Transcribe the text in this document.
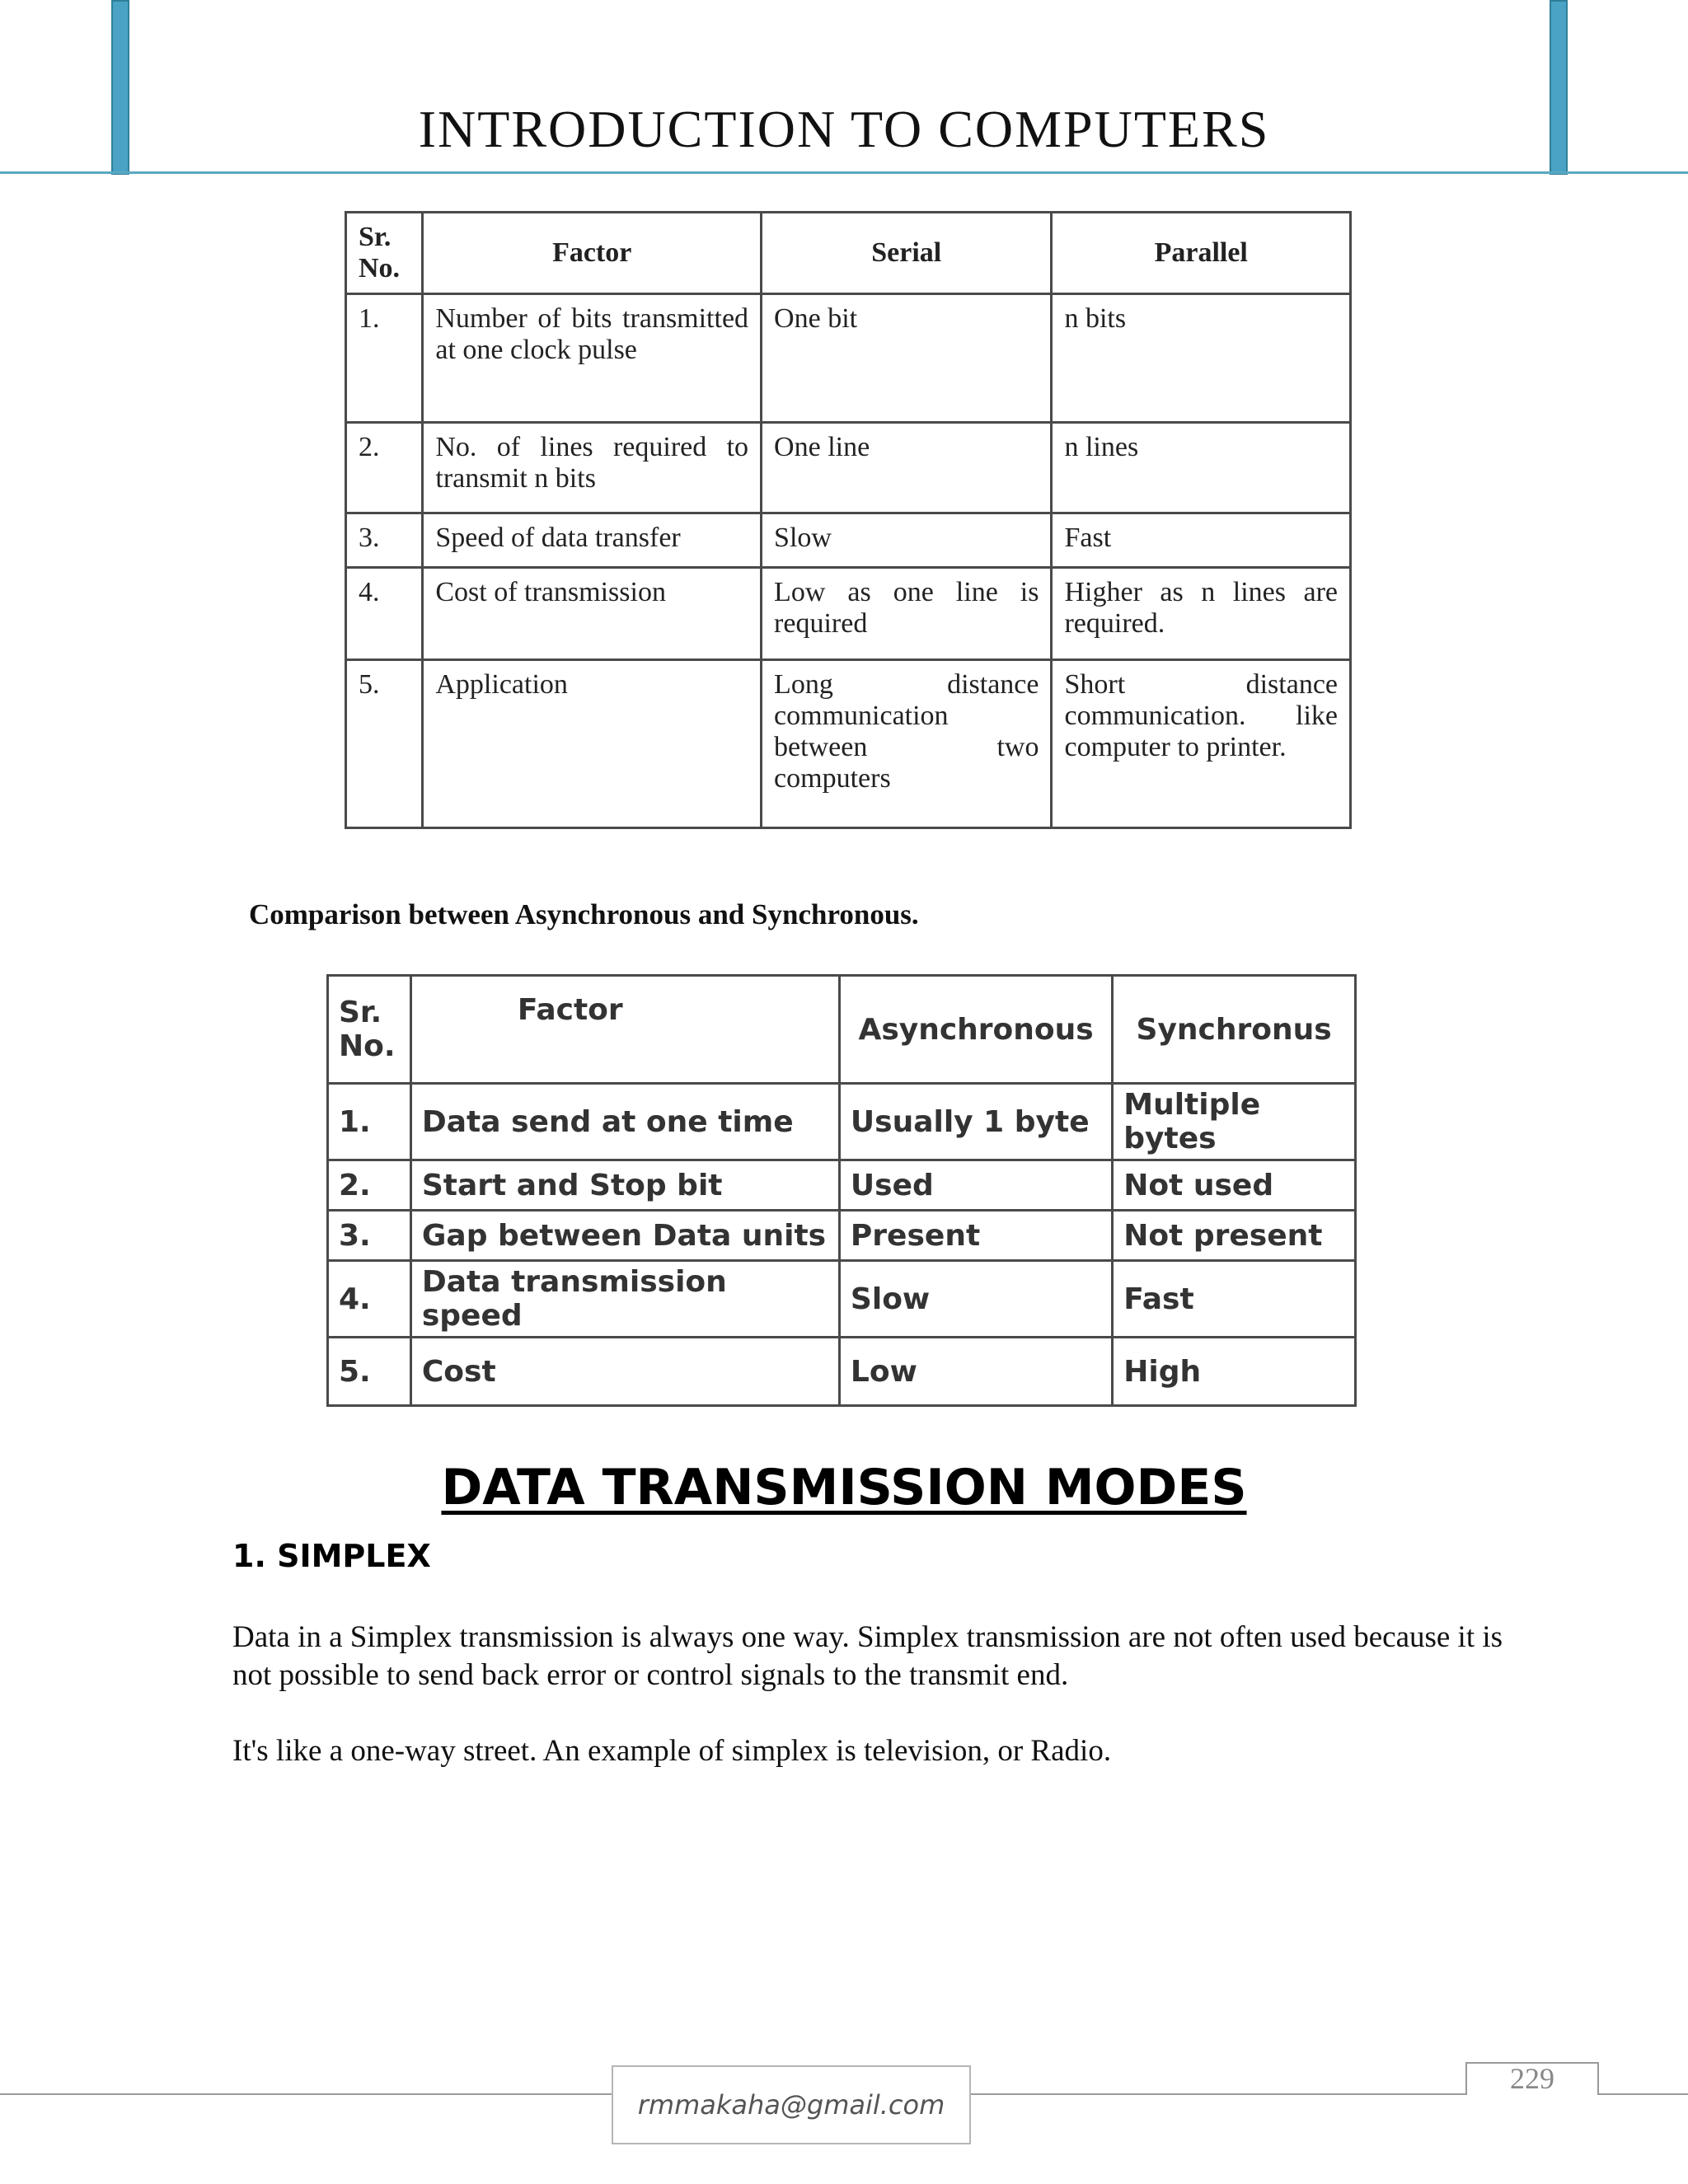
INTRODUCTION TO COMPUTERS
Sr.
No.	Factor	Serial	Parallel
1.	Number of bits transmitted at one clock pulse	One bit	n bits
2.	No. of lines required to transmit n bits	One line	n lines
3.	Speed of data transfer	Slow	Fast
4.	Cost of transmission	Low as one line is required	Higher as n lines are required.
5.	Application	Long distance communication between two computers	Short distance communication. like computer to printer.
Comparison between Asynchronous and Synchronous.
Sr.
No.	Factor	Asynchronous	Synchronus
1.	Data send at one time	Usually 1 byte	Multiple bytes
2.	Start and Stop bit	Used	Not used
3.	Gap between Data units	Present	Not present
4.	Data transmission speed	Slow	Fast
5.	Cost	Low	High
DATA TRANSMISSION MODES
1. SIMPLEX

Data in a Simplex transmission is always one way. Simplex transmission are not often used because it is not possible to send back error or control signals to the transmit end.

It's like a one-way street. An example of simplex is television, or Radio.

rmmakaha@gmail.com
229
